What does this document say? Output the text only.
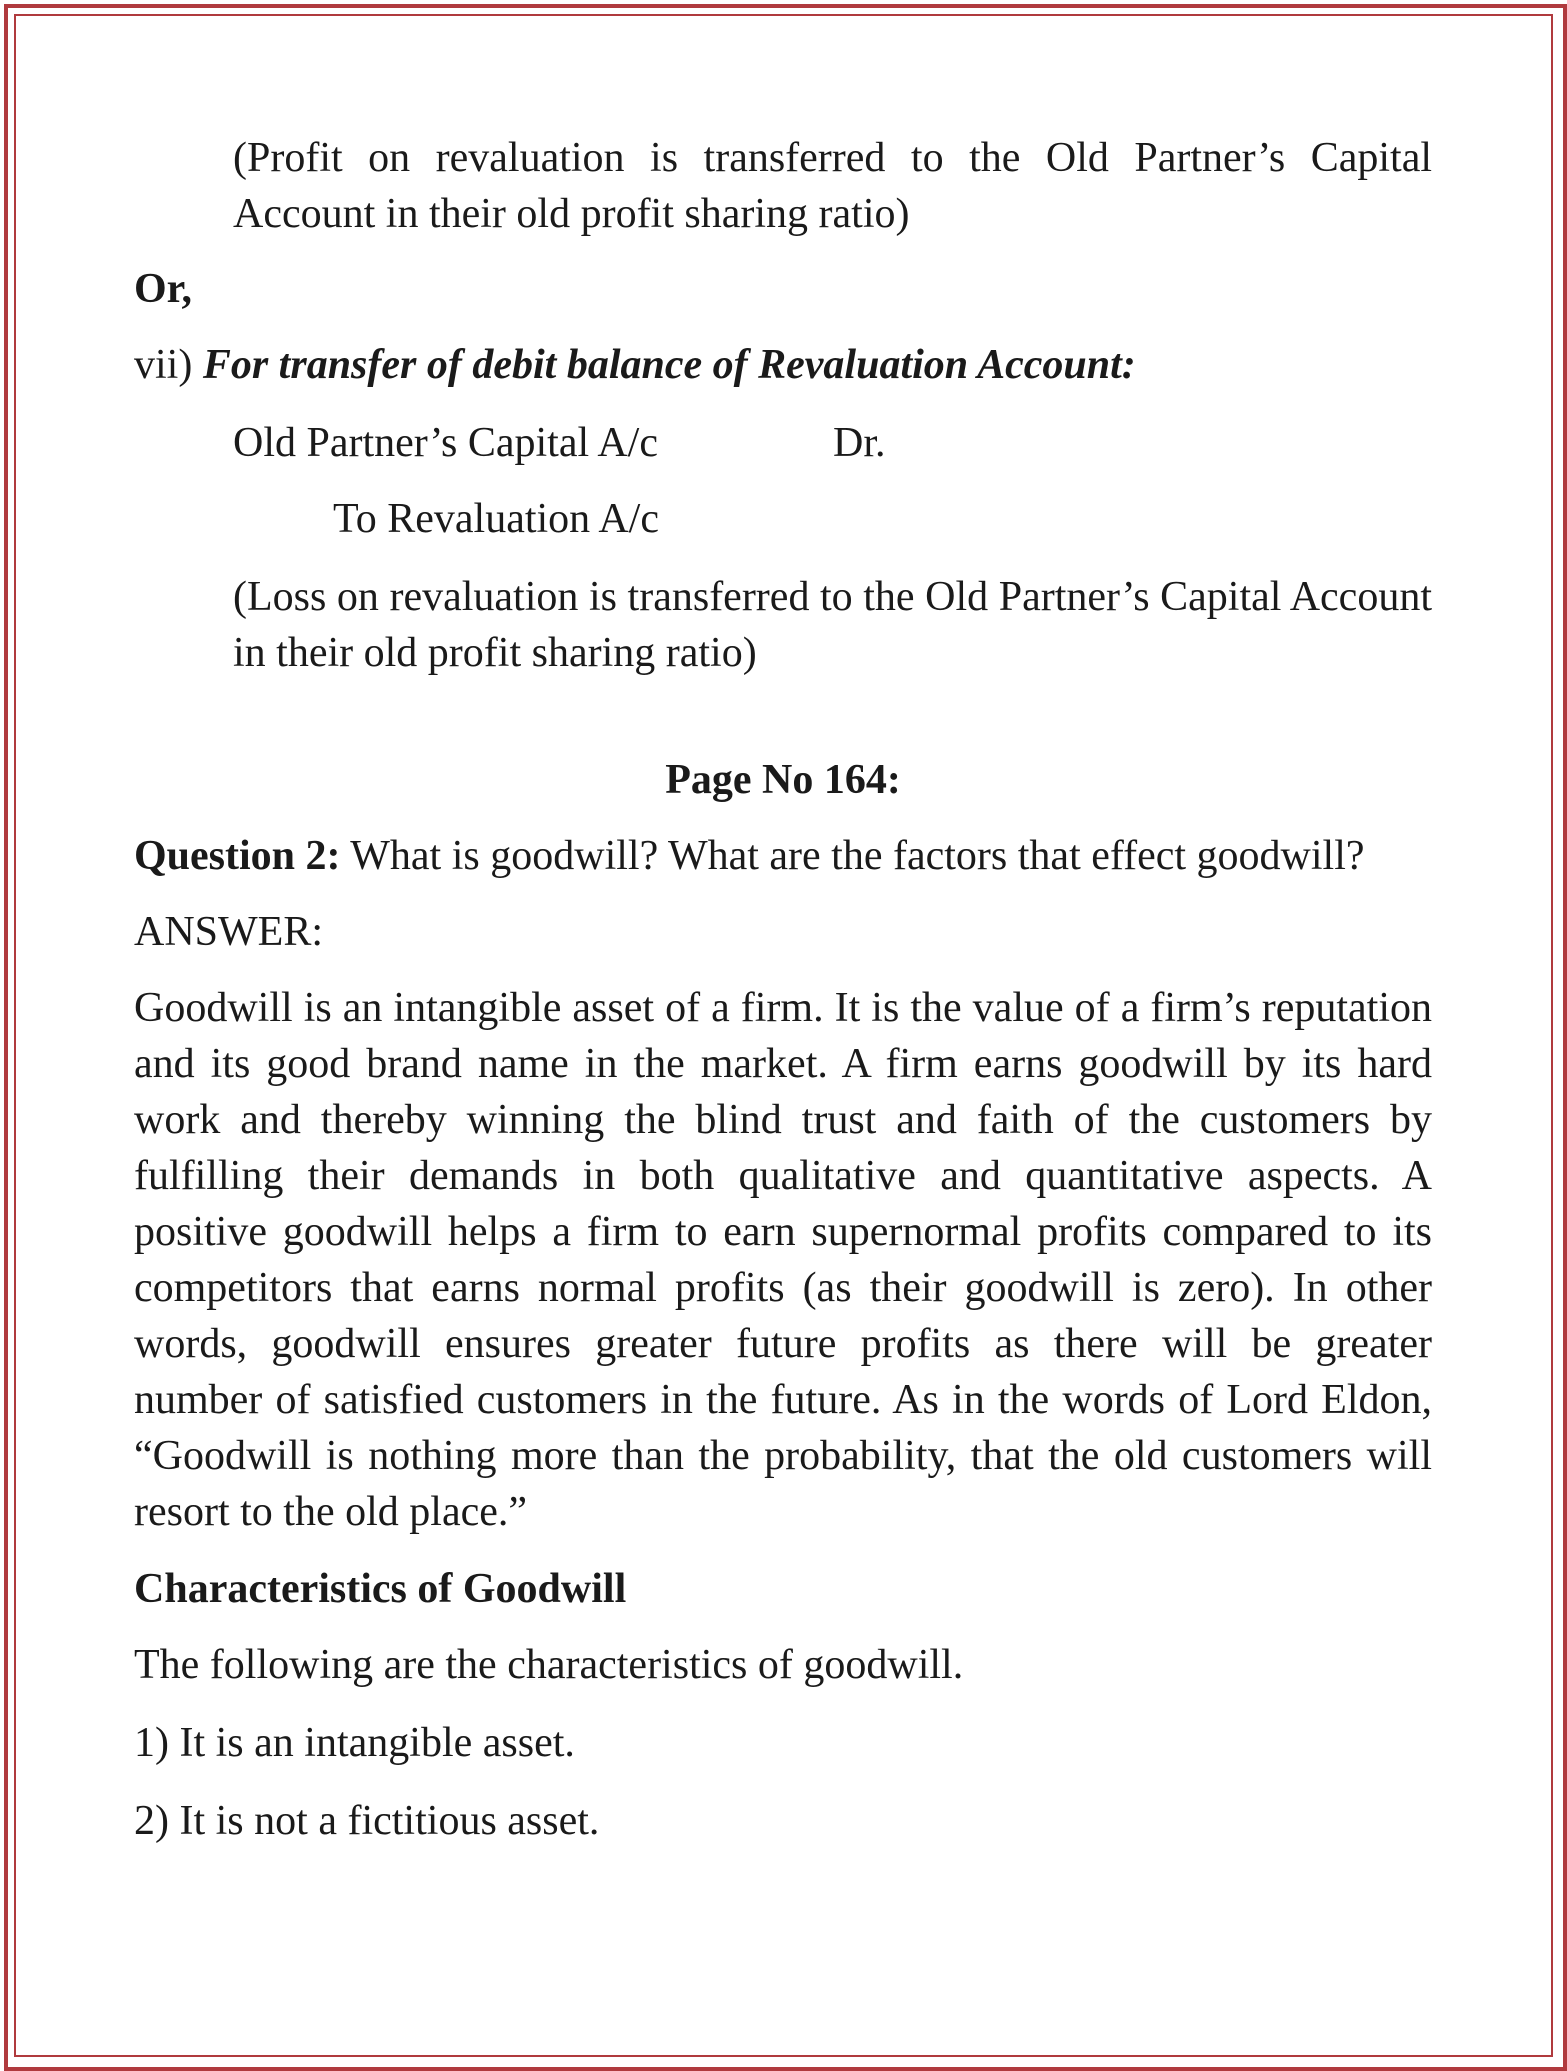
(Profit on revaluation is transferred to the Old Partner’s Capital Account in their old profit sharing ratio)

Or,

vii) For transfer of debit balance of Revaluation Account:

Old Partner’s Capital A/c	Dr.

To Revaluation A/c

(Loss on revaluation is transferred to the Old Partner’s Capital Account in their old profit sharing ratio)

Page No 164:

Question 2: What is goodwill? What are the factors that effect goodwill?

ANSWER:

Goodwill is an intangible asset of a firm. It is the value of a firm’s reputation and its good brand name in the market. A firm earns goodwill by its hard work and thereby winning the blind trust and faith of the customers by fulfilling their demands in both qualitative and quantitative aspects. A positive goodwill helps a firm to earn supernormal profits compared to its competitors that earns normal profits (as their goodwill is zero). In other words, goodwill ensures greater future profits as there will be greater number of satisfied customers in the future. As in the words of Lord Eldon, “Goodwill is nothing more than the probability, that the old customers will resort to the old place.”

Characteristics of Goodwill

The following are the characteristics of goodwill.

1) It is an intangible asset.

2) It is not a fictitious asset.
